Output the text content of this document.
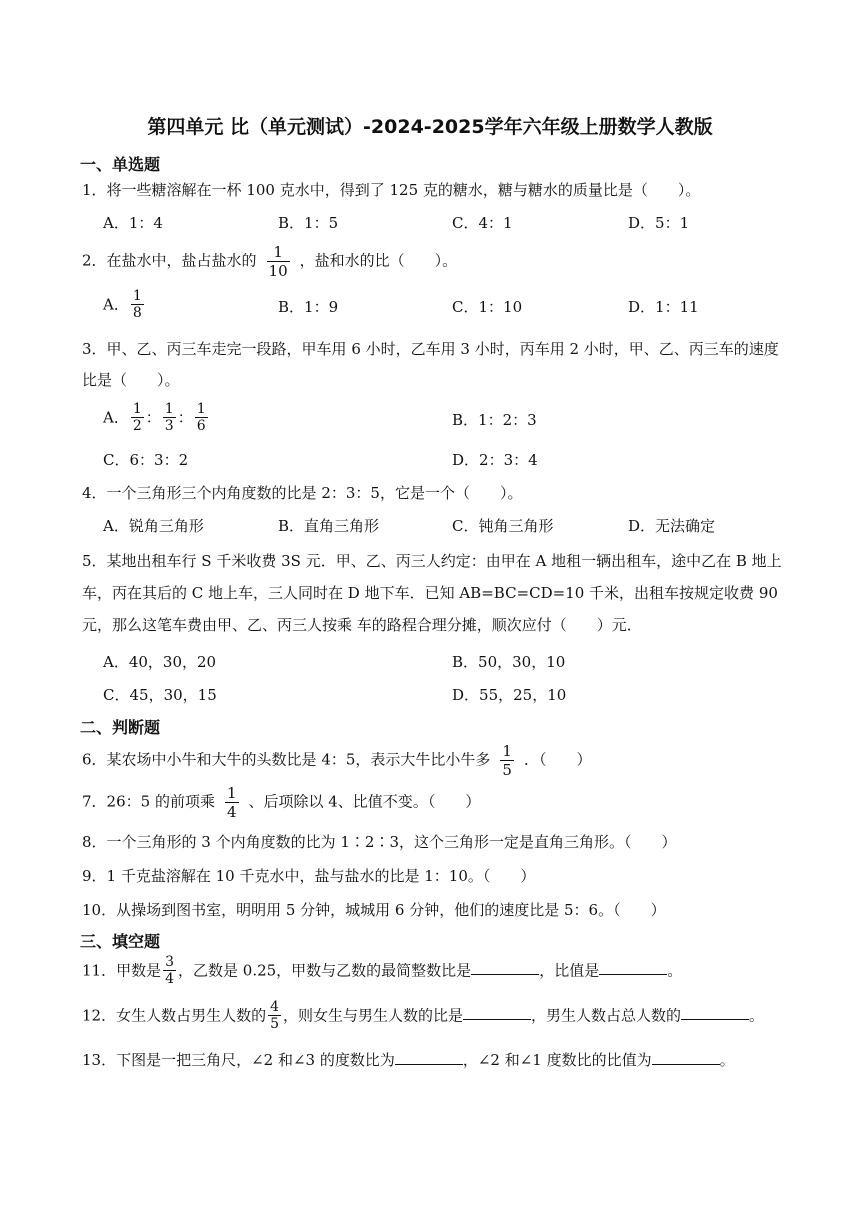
第四单元 比（单元测试）-2024-2025学年六年级上册数学人教版
一、单选题
1．将一些糖溶解在一杯 100 克水中，得到了 125 克的糖水，糖与糖水的质量比是（　　）。
A．1：4	B．1：5	C．4：1	D．5：1
2．在盐水中，盐占盐水的 $\frac{1}{10}$ ，盐和水的比（　　）。
A． $\frac{1}{8}$	B．1：9	C．1：10	D．1：11
3．甲、乙、丙三车走完一段路，甲车用 6 小时，乙车用 3 小时，丙车用 2 小时，甲、乙、丙三车的速度
比是（　　）。
A． $\frac{1}{2}$ ： $\frac{1}{3}$ ： $\frac{1}{6}$	B．1：2：3
C．6：3：2	D．2：3：4
4．一个三角形三个内角度数的比是 2：3：5，它是一个（　　）。
A．锐角三角形	B．直角三角形	C．钝角三角形	D．无法确定
5．某地出租车行 S 千米收费 3S 元．甲、乙、丙三人约定：由甲在 A 地租一辆出租车，途中乙在 B 地上
车，丙在其后的 C 地上车，三人同时在 D 地下车．已知 AB=BC=CD=10 千米，出租车按规定收费 90
元，那么这笔车费由甲、乙、丙三人按乘 车的路程合理分摊，顺次应付（　　）元．
A．40，30，20	B．50，30，10
C．45，30，15	D．55，25，10
二、判断题
6．某农场中小牛和大牛的头数比是 4：5，表示大牛比小牛多 $\frac{1}{5}$ ．（　　）
7．26：5 的前项乘 $\frac{1}{4}$ 、后项除以 4、比值不变。（　　）
8．一个三角形的 3 个内角度数的比为 1∶2∶3，这个三角形一定是直角三角形。（　　）
9．1 千克盐溶解在 10 千克水中，盐与盐水的比是 1：10。（　　）
10．从操场到图书室，明明用 5 分钟，城城用 6 分钟，他们的速度比是 5：6。（　　）
三、填空题
11．甲数是 $\frac{3}{4}$ ，乙数是 0.25，甲数与乙数的最简整数比是	，比值是	。
12．女生人数占男生人数的 $\frac{4}{5}$ ，则女生与男生人数的比是	，男生人数占总人数的	。
13．下图是一把三角尺，∠2 和∠3 的度数比为	，∠2 和∠1 度数比的比值为	。
